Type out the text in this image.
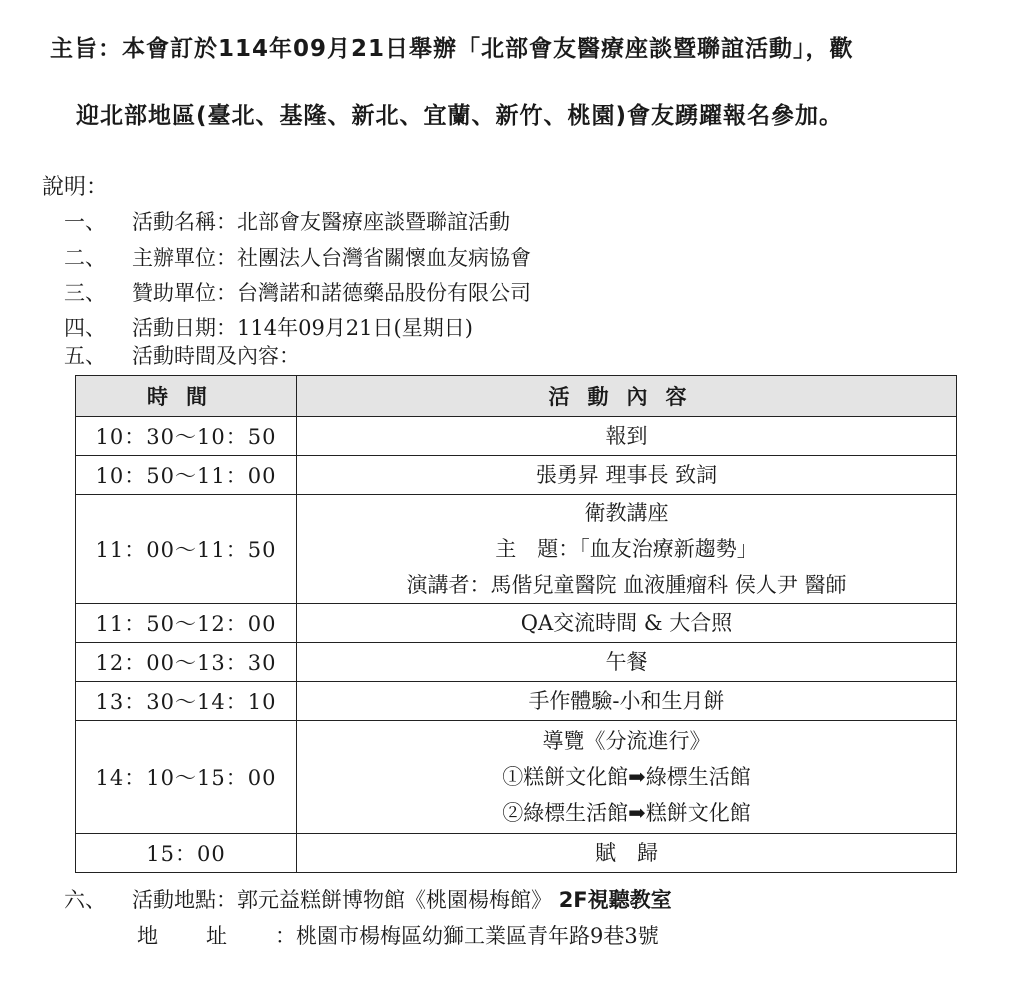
主旨：本會訂於114年09月21日舉辦「北部會友醫療座談暨聯誼活動」，歡
迎北部地區(臺北、基隆、新北、宜蘭、新竹、桃園)會友踴躍報名參加。
說明：
一、 活動名稱：北部會友醫療座談暨聯誼活動
二、 主辦單位：社團法人台灣省關懷血友病協會
三、 贊助單位：台灣諾和諾德藥品股份有限公司
四、 活動日期：114年09月21日(星期日)
五、 活動時間及內容：
時間	活動內容
10：30～10：50	報到

10：50～11：00	張勇昇 理事長 致詞

11：00～11：50	衛教講座
主　題：「血友治療新趨勢」
演講者：馬偕兒童醫院 血液腫瘤科 侯人尹 醫師

11：50～12：00	QA交流時間 & 大合照

12：00～13：30	午餐

13：30～14：10	手作體驗-小和生月餅

14：10～15：00	導覽《分流進行》
①糕餅文化館➡綠標生活館
②綠標生活館➡糕餅文化館

15：00	賦　歸
六、 活動地點：郭元益糕餅博物館《桃園楊梅館》 2F視聽教室
地址：桃園市楊梅區幼獅工業區青年路9巷3號
